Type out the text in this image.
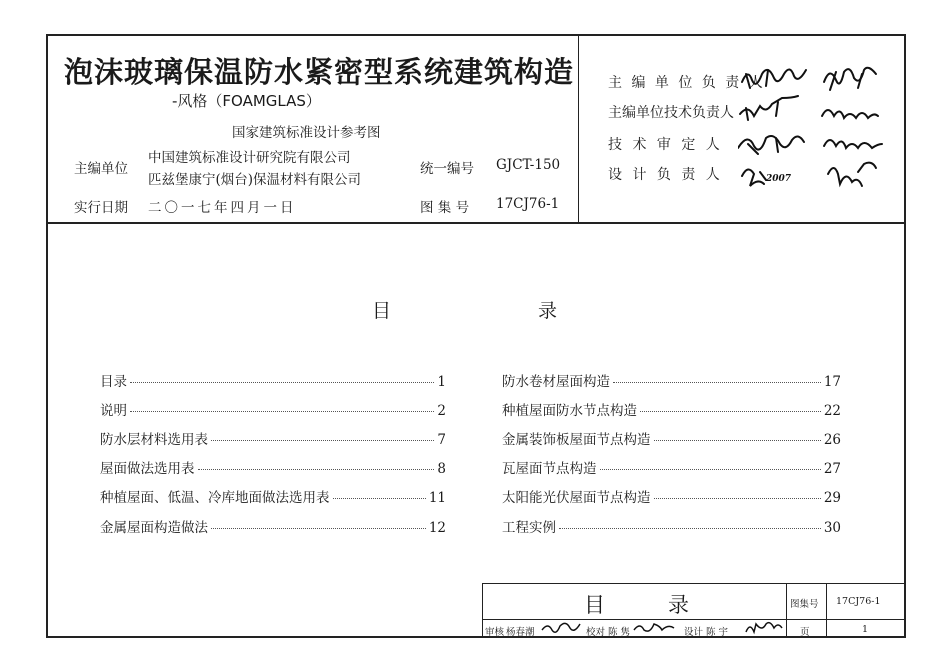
泡沫玻璃保温防水紧密型系统建筑构造
-风格（FOAMGLAS）
国家建筑标准设计参考图
主编单位
中国建筑标准设计研究院有限公司
匹兹堡康宁(烟台)保温材料有限公司
统一编号 GJCT-150
实行日期 二〇一七年四月一日	图 集 号 17CJ76-1
主 编 单 位 负 责 人
主编单位技术负责人
技 术 审 定 人
设 计 负 责 人	2007
目	录
目录	1
说明	2
防水层材料选用表	7
屋面做法选用表	8
种植屋面、低温、冷库地面做法选用表	11
金属屋面构造做法	12
防水卷材屋面构造	17
种植屋面防水节点构造	22
金属装饰板屋面节点构造	26
瓦屋面节点构造	27
太阳能光伏屋面节点构造	29
工程实例	30
目	录	图集号 17CJ76-1
页	1
审核 杨春潮	校对 陈 隽	设计 陈 宇
